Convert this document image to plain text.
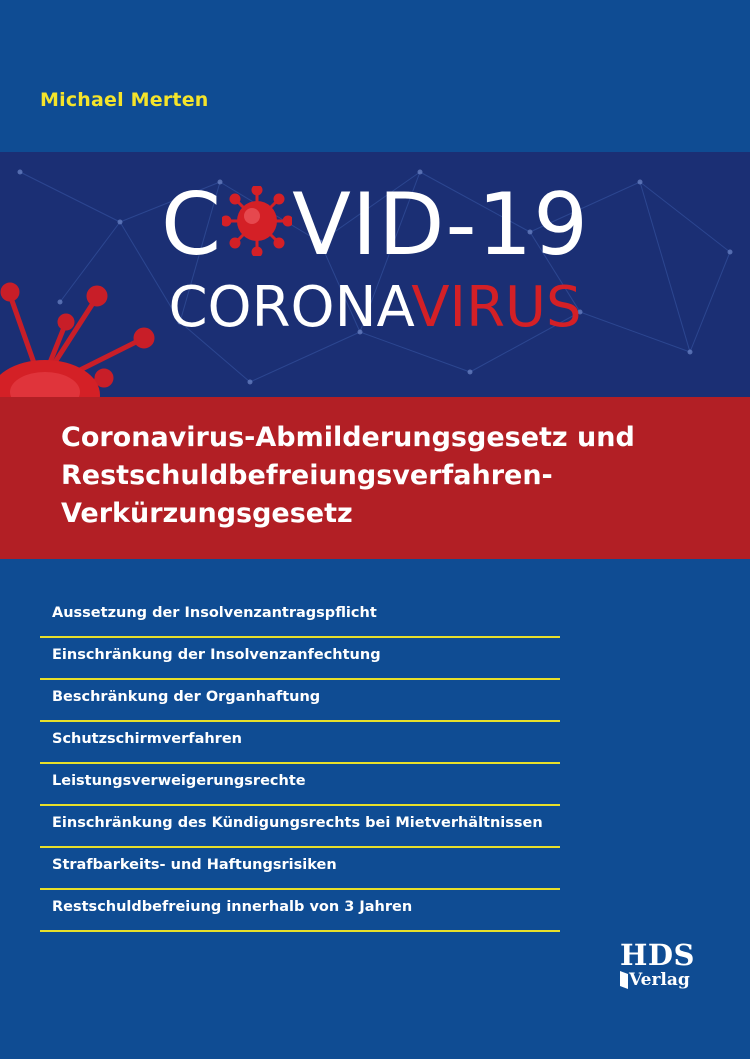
Michael Merten
C VID-19
CORONAVIRUS
Coronavirus-Abmilderungsgesetz und Restschuldbefreiungsverfahren-Verkürzungsgesetz
Aussetzung der Insolvenzantragspflicht
Einschränkung der Insolvenzanfechtung
Beschränkung der Organhaftung
Schutzschirmverfahren
Leistungsverweigerungsrechte
Einschränkung des Kündigungsrechts bei Mietverhältnissen
Strafbarkeits- und Haftungsrisiken
Restschuldbefreiung innerhalb von 3 Jahren
HDS
Verlag
